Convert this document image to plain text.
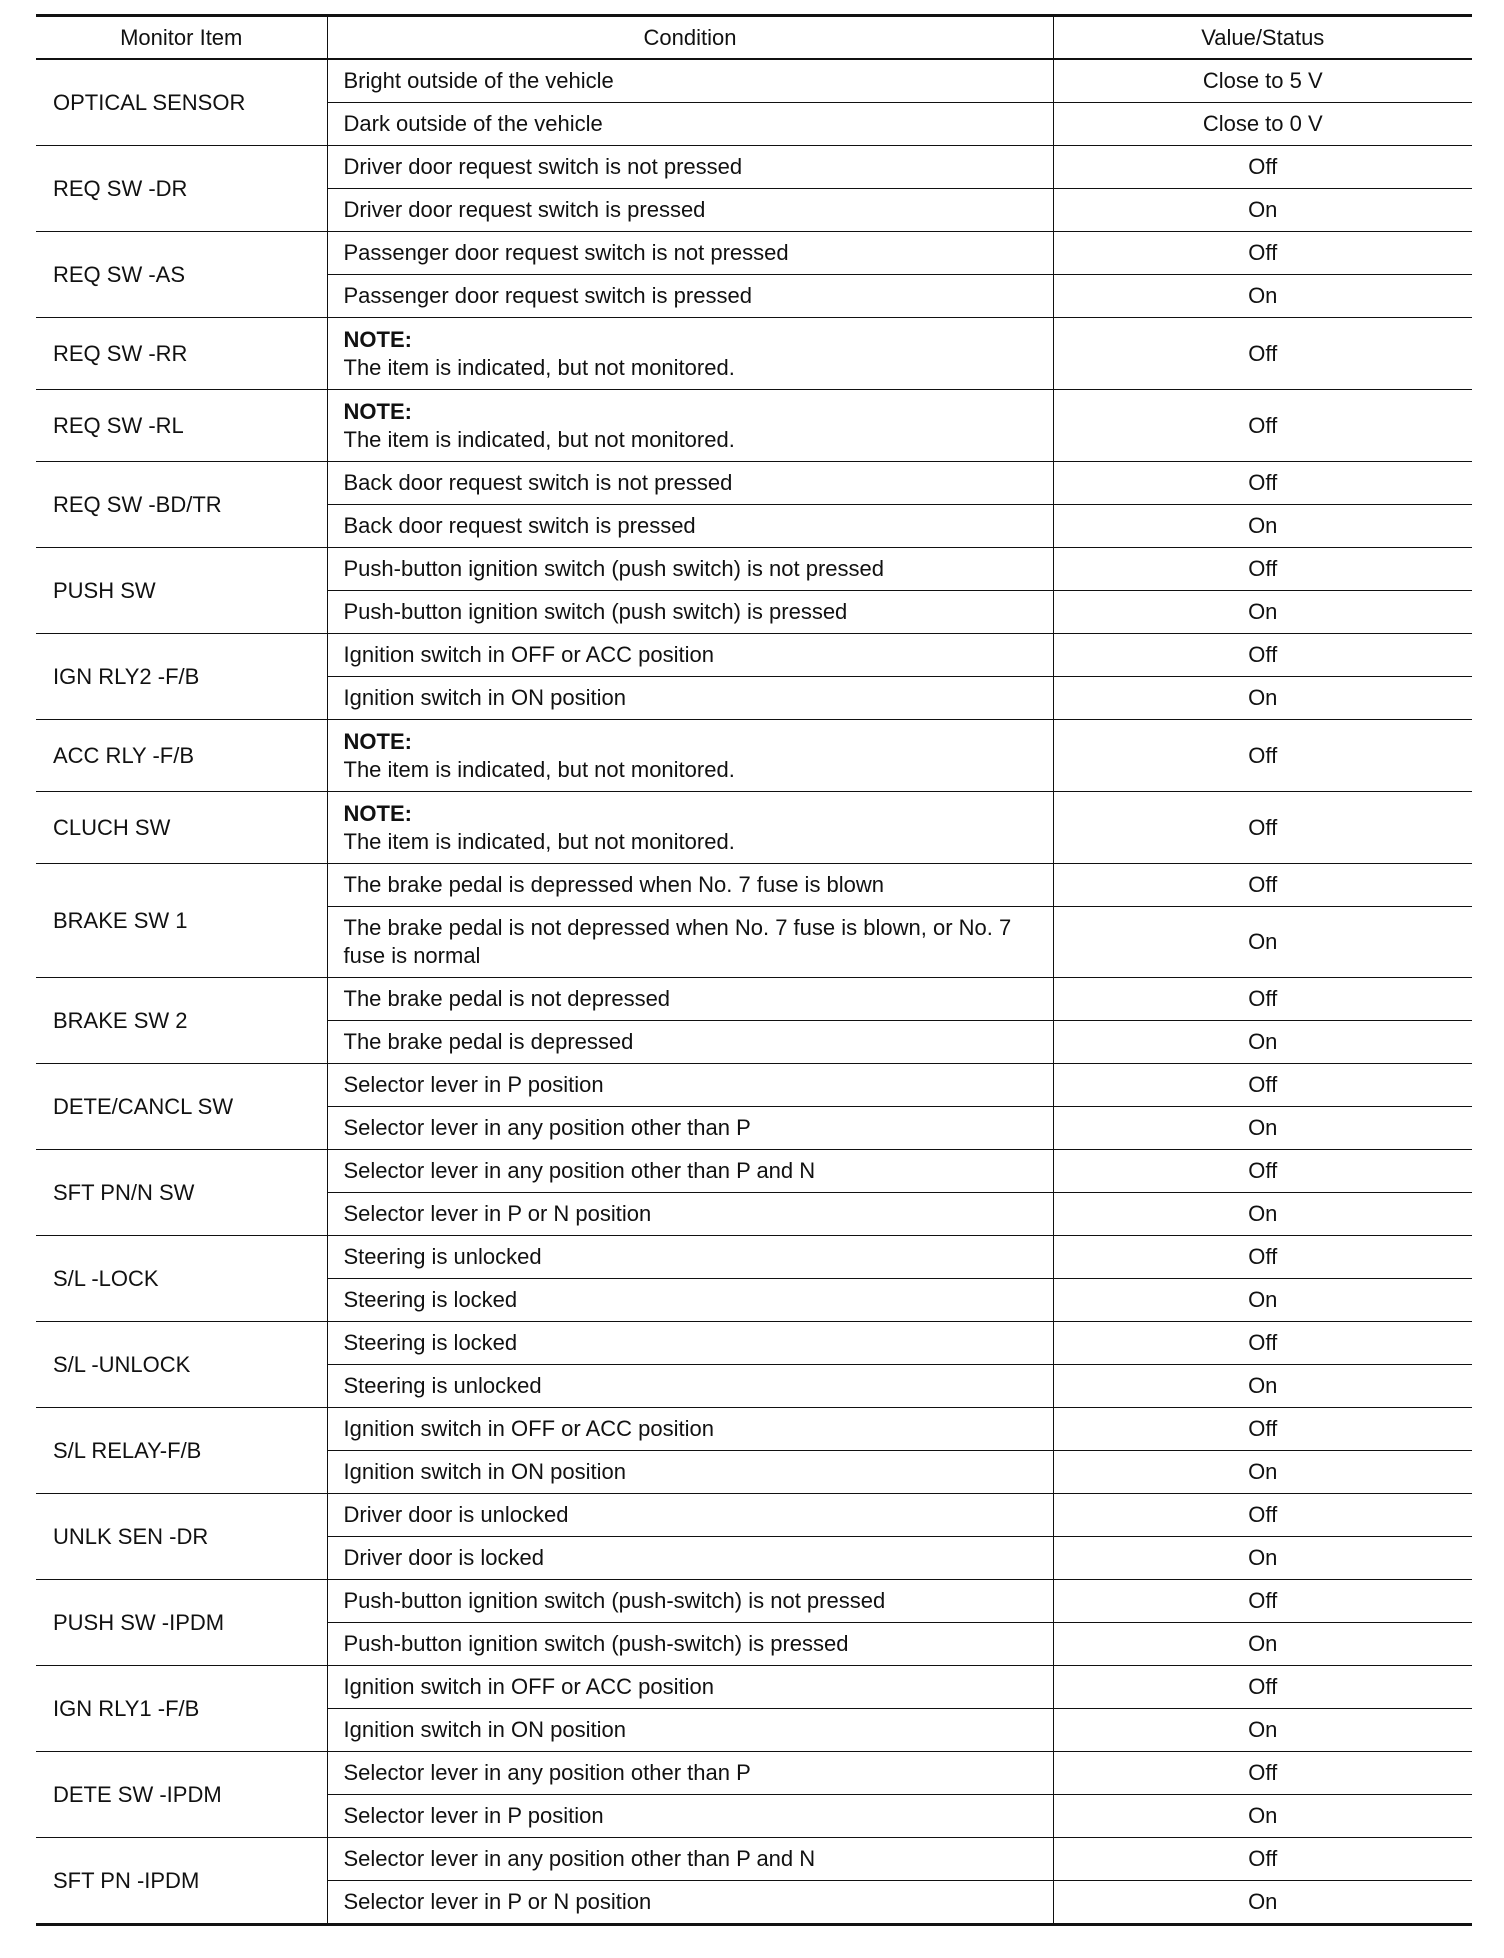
Monitor Item	Condition	Value/Status
OPTICAL SENSOR	Bright outside of the vehicle	Close to 5 V
	Dark outside of the vehicle	Close to 0 V
REQ SW -DR	Driver door request switch is not pressed	Off
	Driver door request switch is pressed	On
REQ SW -AS	Passenger door request switch is not pressed	Off
	Passenger door request switch is pressed	On
REQ SW -RR	NOTE:
The item is indicated, but not monitored.	Off
REQ SW -RL	NOTE:
The item is indicated, but not monitored.	Off
REQ SW -BD/TR	Back door request switch is not pressed	Off
	Back door request switch is pressed	On
PUSH SW	Push-button ignition switch (push switch) is not pressed	Off
	Push-button ignition switch (push switch) is pressed	On
IGN RLY2 -F/B	Ignition switch in OFF or ACC position	Off
	Ignition switch in ON position	On
ACC RLY -F/B	NOTE:
The item is indicated, but not monitored.	Off
CLUCH SW	NOTE:
The item is indicated, but not monitored.	Off
BRAKE SW 1	The brake pedal is depressed when No. 7 fuse is blown	Off
	The brake pedal is not depressed when No. 7 fuse is blown, or No. 7 fuse is normal	On
BRAKE SW 2	The brake pedal is not depressed	Off
	The brake pedal is depressed	On
DETE/CANCL SW	Selector lever in P position	Off
	Selector lever in any position other than P	On
SFT PN/N SW	Selector lever in any position other than P and N	Off
	Selector lever in P or N position	On
S/L -LOCK	Steering is unlocked	Off
	Steering is locked	On
S/L -UNLOCK	Steering is locked	Off
	Steering is unlocked	On
S/L RELAY-F/B	Ignition switch in OFF or ACC position	Off
	Ignition switch in ON position	On
UNLK SEN -DR	Driver door is unlocked	Off
	Driver door is locked	On
PUSH SW -IPDM	Push-button ignition switch (push-switch) is not pressed	Off
	Push-button ignition switch (push-switch) is pressed	On
IGN RLY1 -F/B	Ignition switch in OFF or ACC position	Off
	Ignition switch in ON position	On
DETE SW -IPDM	Selector lever in any position other than P	Off
	Selector lever in P position	On
SFT PN -IPDM	Selector lever in any position other than P and N	Off
	Selector lever in P or N position	On
